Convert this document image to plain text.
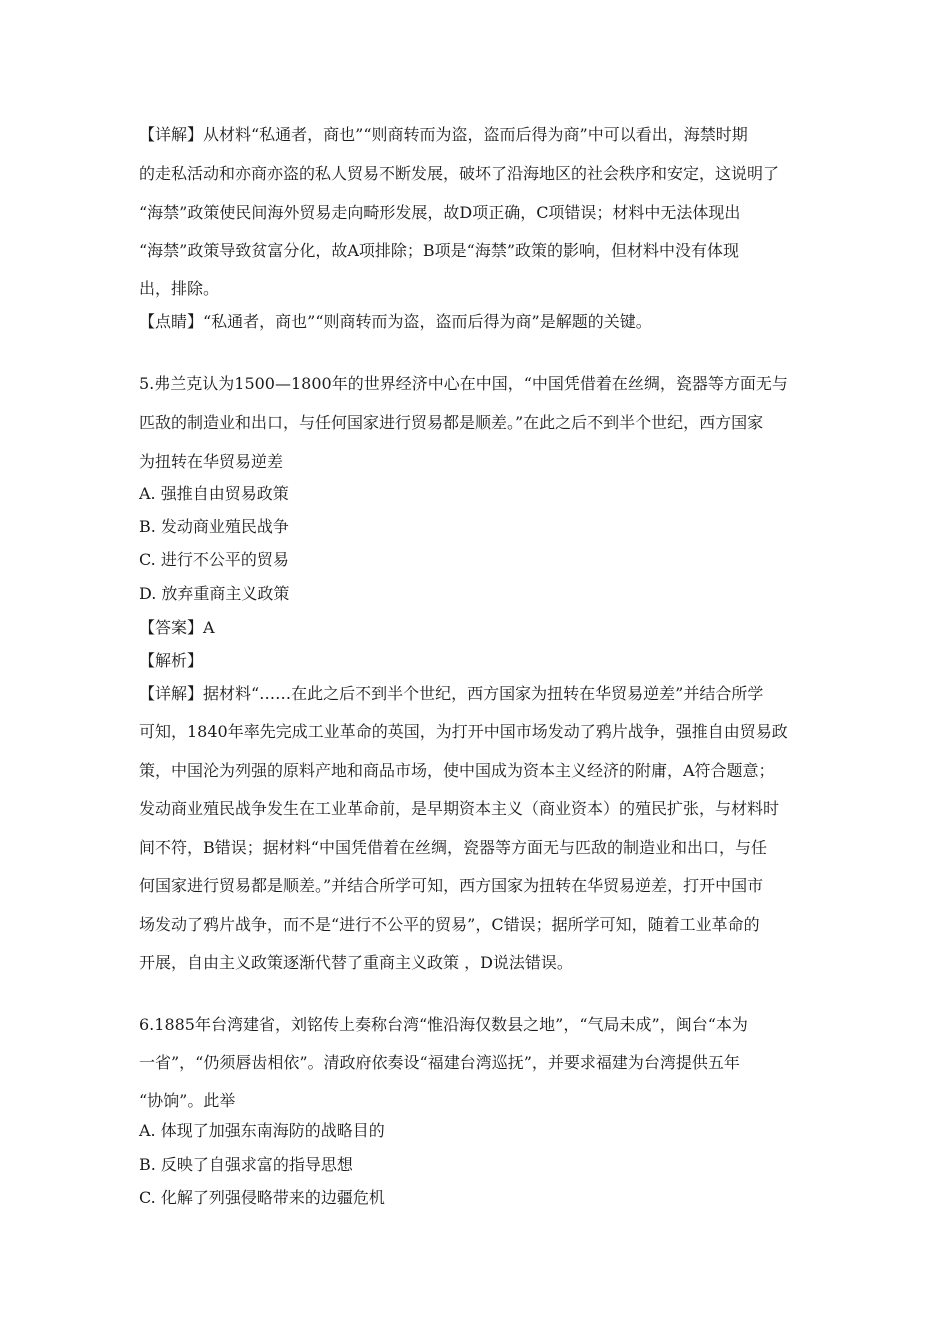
【详解】从材料“私通者，商也”“则商转而为盗，盗而后得为商”中可以看出，海禁时期
的走私活动和亦商亦盗的私人贸易不断发展，破坏了沿海地区的社会秩序和安定，这说明了
“海禁”政策使民间海外贸易走向畸形发展，故D项正确，C项错误；材料中无法体现出
“海禁”政策导致贫富分化，故A项排除；B项是“海禁”政策的影响，但材料中没有体现
出，排除。
【点睛】“私通者，商也”“则商转而为盗，盗而后得为商”是解题的关键。
5.弗兰克认为1500—1800年的世界经济中心在中国，“中国凭借着在丝绸，瓷器等方面无与
匹敌的制造业和出口，与任何国家进行贸易都是顺差。”在此之后不到半个世纪，西方国家
为扭转在华贸易逆差
A. 强推自由贸易政策
B. 发动商业殖民战争
C. 进行不公平的贸易
D. 放弃重商主义政策
【答案】A
【解析】
【详解】据材料“……在此之后不到半个世纪，西方国家为扭转在华贸易逆差”并结合所学
可知，1840年率先完成工业革命的英国，为打开中国市场发动了鸦片战争，强推自由贸易政
策，中国沦为列强的原料产地和商品市场，使中国成为资本主义经济的附庸，A符合题意；
发动商业殖民战争发生在工业革命前，是早期资本主义（商业资本）的殖民扩张，与材料时
间不符，B错误；据材料“中国凭借着在丝绸，瓷器等方面无与匹敌的制造业和出口，与任
何国家进行贸易都是顺差。”并结合所学可知，西方国家为扭转在华贸易逆差，打开中国市
场发动了鸦片战争，而不是“进行不公平的贸易”，C错误；据所学可知，随着工业革命的
开展，自由主义政策逐渐代替了重商主义政策 ，D说法错误。
6.1885年台湾建省，刘铭传上奏称台湾“惟沿海仅数县之地”，“气局未成”，闽台“本为
一省”，“仍须唇齿相依”。清政府依奏设“福建台湾巡抚”，并要求福建为台湾提供五年
“协饷”。此举
A. 体现了加强东南海防的战略目的
B. 反映了自强求富的指导思想
C. 化解了列强侵略带来的边疆危机
